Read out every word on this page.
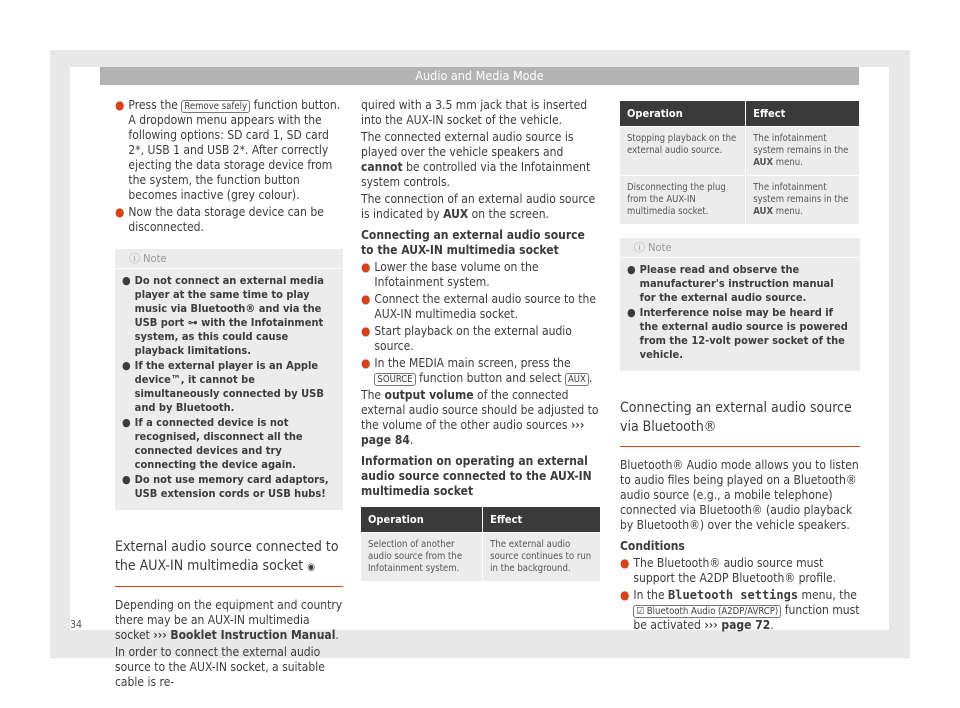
Audio and Media Mode
● Press the Remove safely function button. A dropdown menu appears with the following options: SD card 1, SD card 2*, USB 1 and USB 2*. After correctly ejecting the data storage device from the system, the function button becomes inactive (grey colour).
● Now the data storage device can be disconnected.
ⓘ Note
● Do not connect an external media player at the same time to play music via Bluetooth® and via the USB port ⊶ with the Infotainment system, as this could cause playback limitations.
● If the external player is an Apple device™, it cannot be simultaneously connected by USB and by Bluetooth.
● If a connected device is not recognised, disconnect all the connected devices and try connecting the device again.
● Do not use memory card adaptors, USB extension cords or USB hubs!
External audio source connected to the AUX-IN multimedia socket ◉

Depending on the equipment and country there may be an AUX-IN multimedia socket ››› Booklet Instruction Manual.

In order to connect the external audio source to the AUX-IN socket, a suitable cable is re-

quired with a 3.5 mm jack that is inserted into the AUX-IN socket of the vehicle.

The connected external audio source is played over the vehicle speakers and cannot be controlled via the Infotainment system controls.

The connection of an external audio source is indicated by AUX on the screen.

Connecting an external audio source to the AUX-IN multimedia socket

● Lower the base volume on the Infotainment system.
● Connect the external audio source to the AUX-IN multimedia socket.
● Start playback on the external audio source.
● In the MEDIA main screen, press the SOURCE function button and select AUX .

The output volume of the connected external audio source should be adjusted to the volume of the other audio sources ››› page 84.

Information on operating an external audio source connected to the AUX-IN multimedia socket

Operation	Effect
Selection of another audio source from the Infotainment system.	The external audio source continues to run in the background.
Operation	Effect
Stopping playback on the external audio source.	The infotainment system remains in the AUX menu.
Disconnecting the plug from the AUX-IN multimedia socket.	The infotainment system remains in the AUX menu.
ⓘ Note
● Please read and observe the manufacturer's instruction manual for the external audio source.
● Interference noise may be heard if the external audio source is powered from the 12-volt power socket of the vehicle.
Connecting an external audio source via Bluetooth®

Bluetooth® Audio mode allows you to listen to audio files being played on a Bluetooth® audio source (e.g., a mobile telephone) connected via Bluetooth® (audio playback by Bluetooth®) over the vehicle speakers.

Conditions

● The Bluetooth® audio source must support the A2DP Bluetooth® profile.
● In the Bluetooth settings menu, the ☑ Bluetooth Audio (A2DP/AVRCP) function must be activated ››› page 72.
34
